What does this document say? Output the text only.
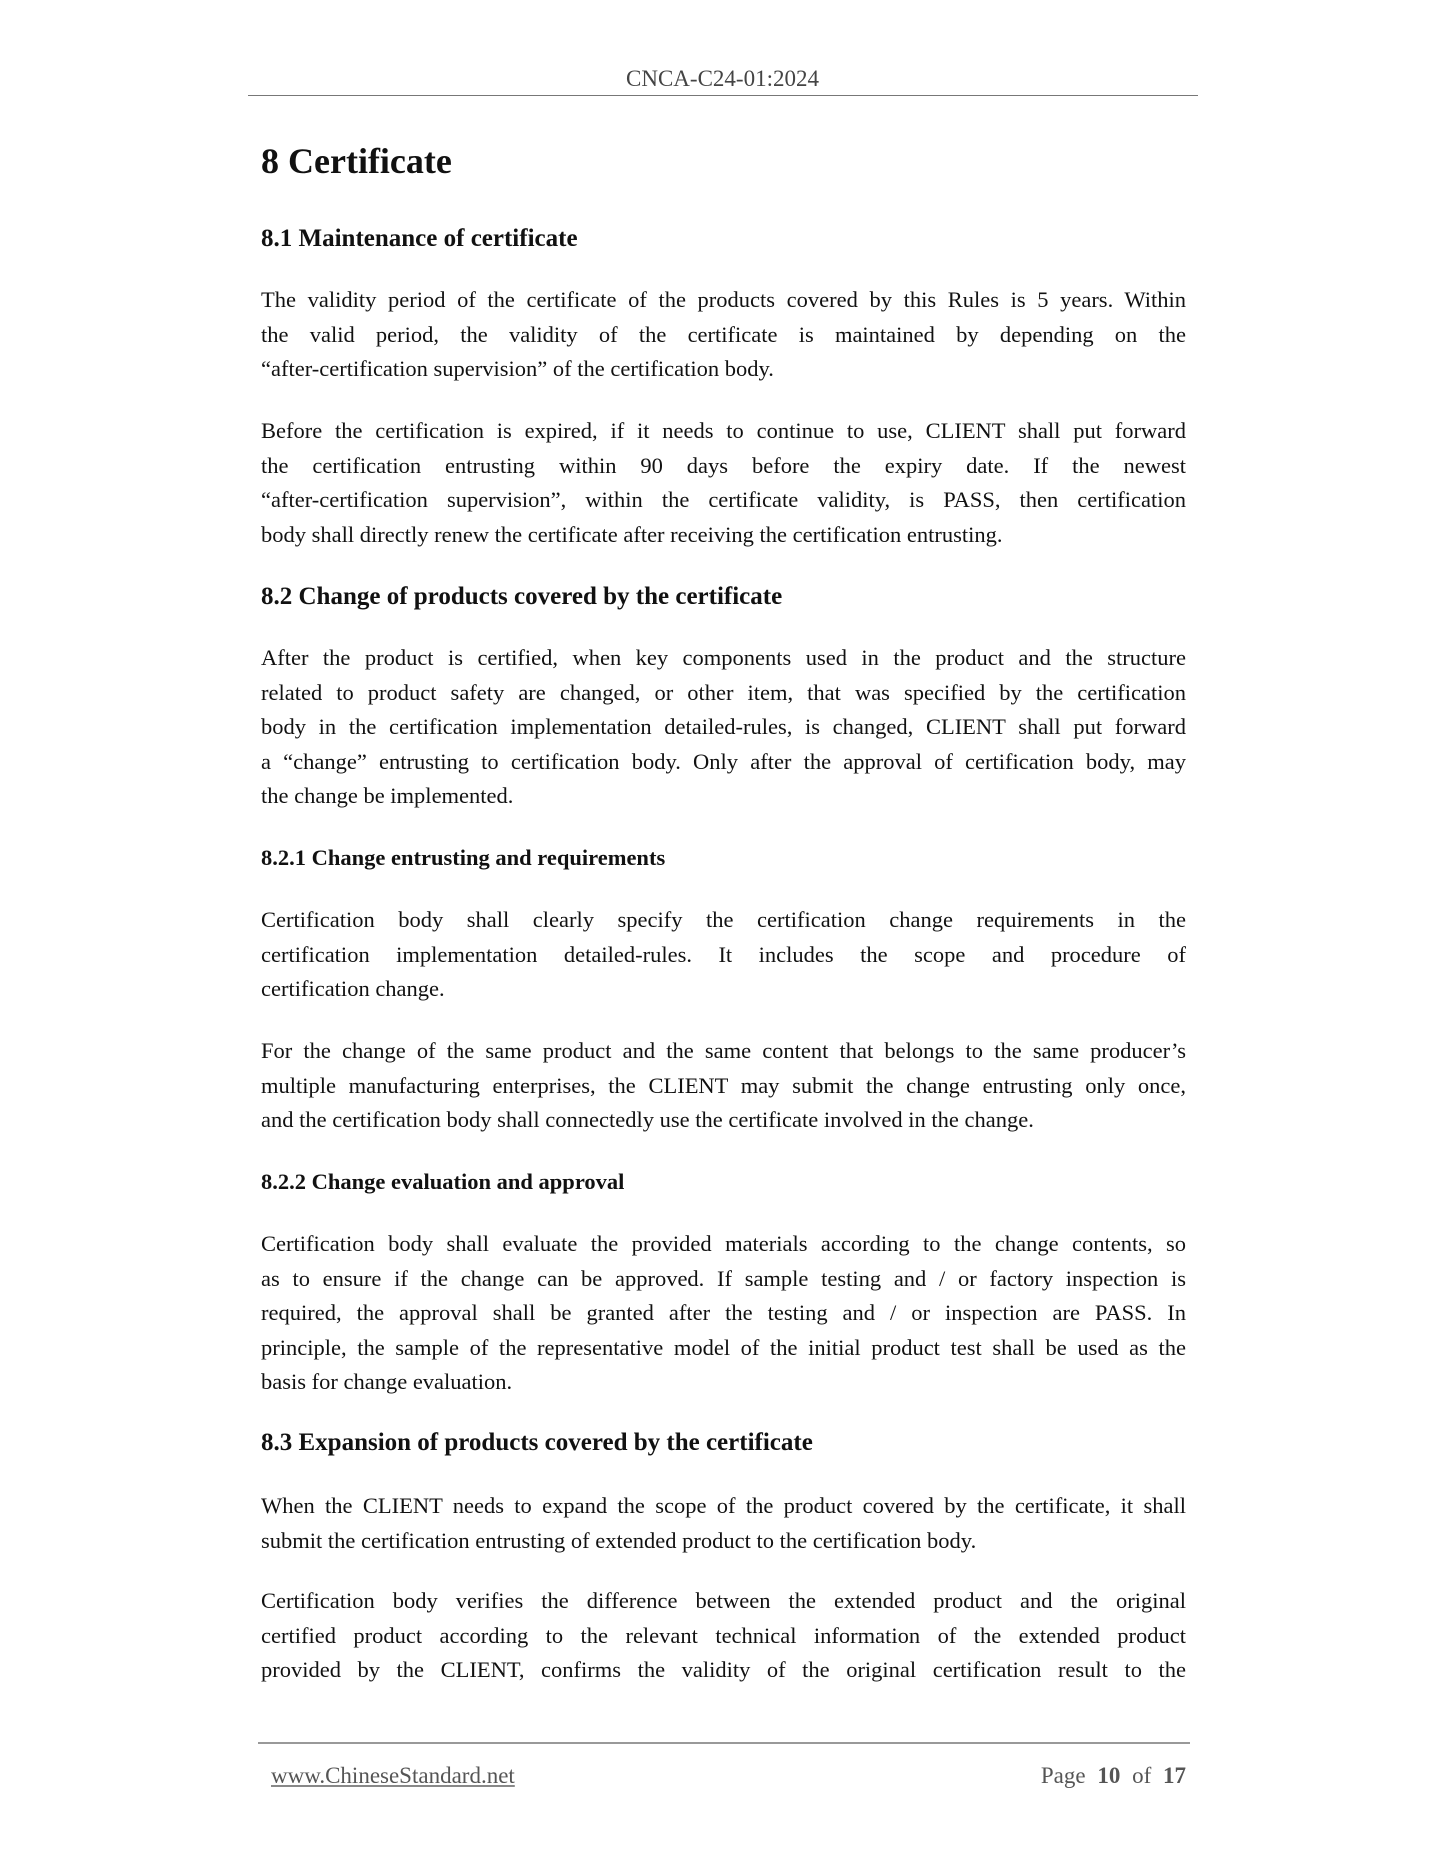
CNCA-C24-01:2024
8 Certificate
8.1 Maintenance of certificate
The validity period of the certificate of the products covered by this Rules is 5 years. Within
the valid period, the validity of the certificate is maintained by depending on the
“after-certification supervision” of the certification body.
Before the certification is expired, if it needs to continue to use, CLIENT shall put forward
the certification entrusting within 90 days before the expiry date. If the newest
“after-certification supervision”, within the certificate validity, is PASS, then certification
body shall directly renew the certificate after receiving the certification entrusting.
8.2 Change of products covered by the certificate
After the product is certified, when key components used in the product and the structure
related to product safety are changed, or other item, that was specified by the certification
body in the certification implementation detailed-rules, is changed, CLIENT shall put forward
a “change” entrusting to certification body. Only after the approval of certification body, may
the change be implemented.
8.2.1 Change entrusting and requirements
Certification body shall clearly specify the certification change requirements in the
certification implementation detailed-rules. It includes the scope and procedure of
certification change.
For the change of the same product and the same content that belongs to the same producer’s
multiple manufacturing enterprises, the CLIENT may submit the change entrusting only once,
and the certification body shall connectedly use the certificate involved in the change.
8.2.2 Change evaluation and approval
Certification body shall evaluate the provided materials according to the change contents, so
as to ensure if the change can be approved. If sample testing and / or factory inspection is
required, the approval shall be granted after the testing and / or inspection are PASS. In
principle, the sample of the representative model of the initial product test shall be used as the
basis for change evaluation.
8.3 Expansion of products covered by the certificate
When the CLIENT needs to expand the scope of the product covered by the certificate, it shall
submit the certification entrusting of extended product to the certification body.
Certification body verifies the difference between the extended product and the original
certified product according to the relevant technical information of the extended product
provided by the CLIENT, confirms the validity of the original certification result to the
www.ChineseStandard.net	Page 10 of 17
